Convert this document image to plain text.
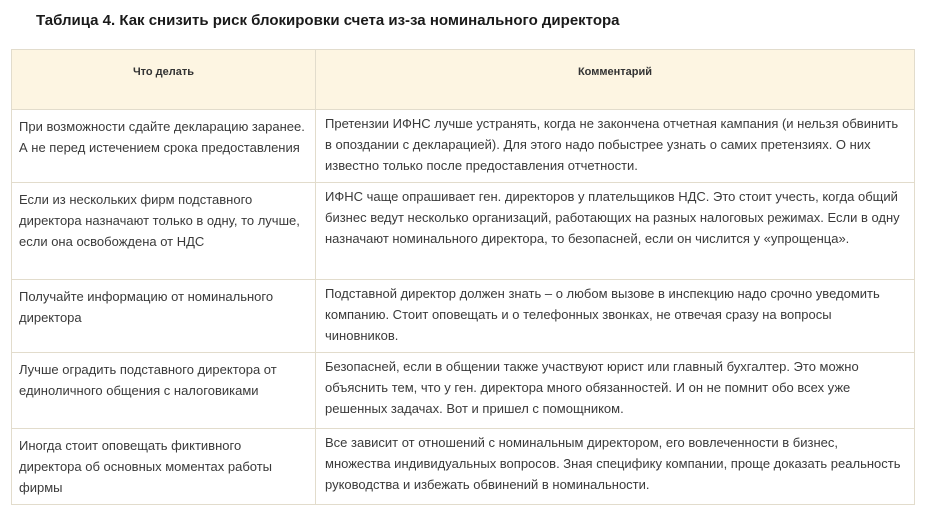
Таблица 4. Как снизить риск блокировки счета из-за номинального директора
Что делать	Комментарий

При возможности сдайте декларацию заранее. А не перед истечением срока предоставления	Претензии ИФНС лучше устранять, когда не закончена отчетная кампания (и нельзя обвинить в опоздании с декларацией). Для этого надо побыстрее узнать о самих претензиях. О них известно только после предоставления отчетности.

Если из нескольких фирм подставного директора назначают только в одну, то лучше, если она освобождена от НДС	ИФНС чаще опрашивает ген. директоров у плательщиков НДС. Это стоит учесть, когда общий бизнес ведут несколько организаций, работающих на разных налоговых режимах. Если в одну назначают номинального директора, то безопасней, если он числится у «упрощенца».

Получайте информацию от номинального директора	Подставной директор должен знать – о любом вызове в инспекцию надо срочно уведомить компанию. Стоит оповещать и о телефонных звонках, не отвечая сразу на вопросы чиновников.

Лучше оградить подставного директора от единоличного общения с налоговиками	Безопасней, если в общении также участвуют юрист или главный бухгалтер. Это можно объяснить тем, что у ген. директора много обязанностей. И он не помнит обо всех уже решенных задачах. Вот и пришел с помощником.

Иногда стоит оповещать фиктивного директора об основных моментах работы фирмы	Все зависит от отношений с номинальным директором, его вовлеченности в бизнес, множества индивидуальных вопросов. Зная специфику компании, проще доказать реальность руководства и избежать обвинений в номинальности.
